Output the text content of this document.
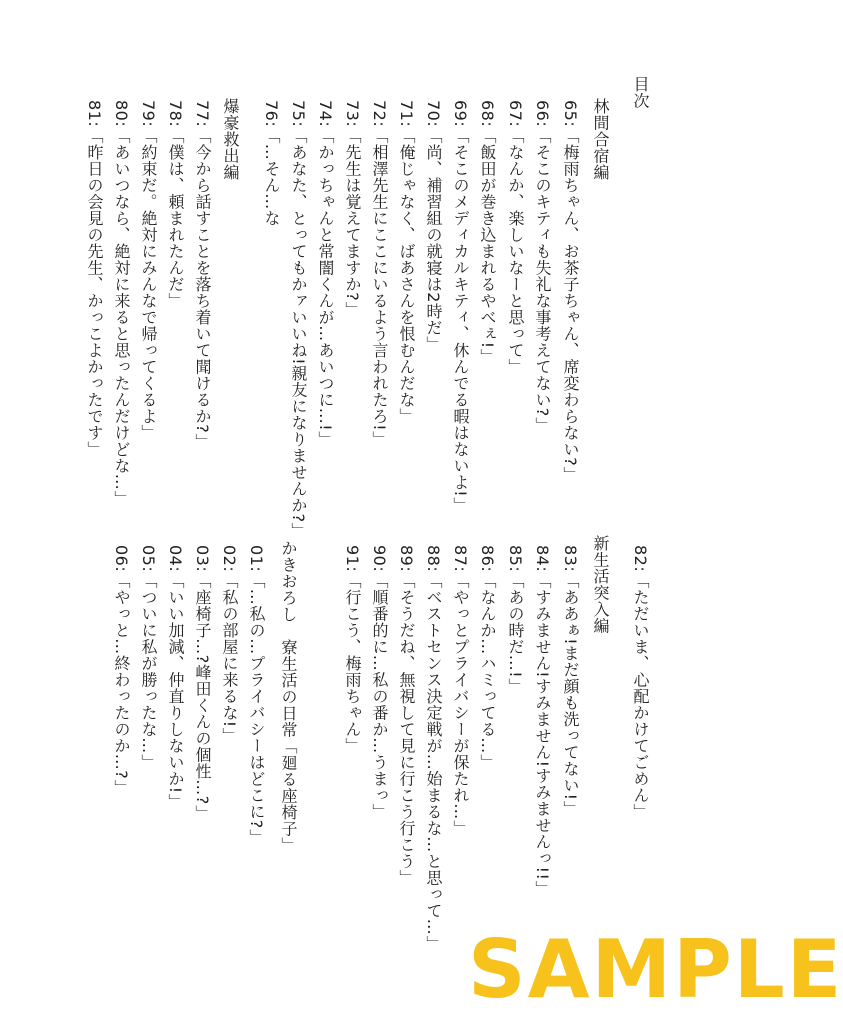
目次
林間合宿編
65:「梅雨ちゃん、お茶子ちゃん、席変わらない?」
66:「そこのキティも失礼な事考えてない?」
67:「なんか、楽しいなーと思って」
68:「飯田が巻き込まれるやべぇ!」
69:「そこのメディカルキティ、休んでる暇はないよ!」
70:「尚、補習組の就寝は2時だ」
71:「俺じゃなく、ばあさんを恨むんだな」
72:「相澤先生にここにいるよう言われたろ!」
73:「先生は覚えてますか?」
74:「かっちゃんと常闇くんが…あいつに…!」
75:「あなた、とってもかァいいね!親友になりませんか?」
76:「…そん…な
爆豪救出編
77:「今から話すことを落ち着いて聞けるか?」
78:「僕は、頼まれたんだ」
79:「約束だ。絶対にみんなで帰ってくるよ」
80:「あいつなら、絶対に来ると思ったんだけどな…」
81:「昨日の会見の先生、かっこよかったです」
82:「ただいま、心配かけてごめん」
新生活突入編
83:「ああぁ!まだ顔も洗ってない!」
84:「すみません!すみません!すみませんっ!!」
85:「あの時だ…!」
86:「なんか…ハミってる…」
87:「やっとプライバシーが保たれ…」
88:「ベストセンス決定戦が…始まるな…と思って…」
89:「そうだね、無視して見に行こう行こう」
90:「順番的に…私の番か…うまっ」
91:「行こう、梅雨ちゃん」
かきおろし　寮生活の日常「廻る座椅子」
01:「…私の…プライバシーはどこに?」
02:「私の部屋に来るな!」
03:「座椅子…?峰田くんの個性…?」
04:「いい加減、仲直りしないか!」
05:「ついに私が勝ったな…」
06:「やっと…終わったのか…?」
SAMPLE
